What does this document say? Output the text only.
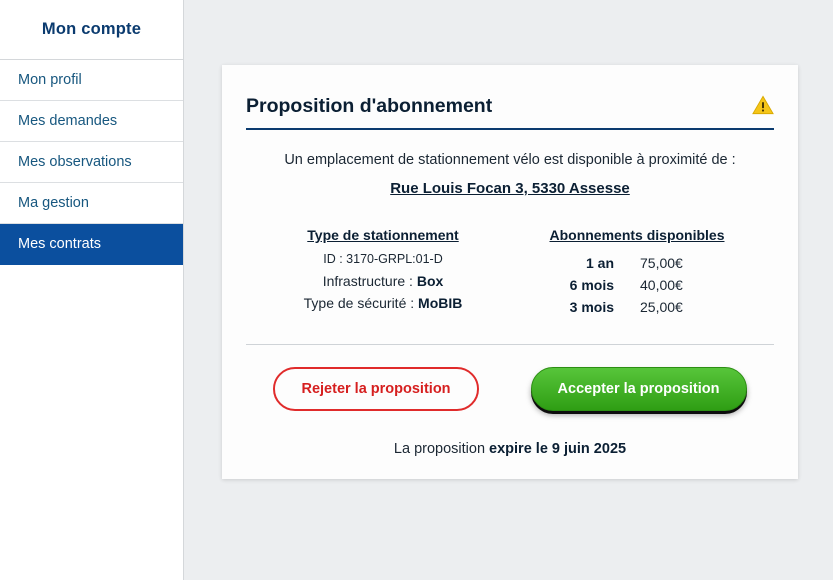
Mon compte
Mon profil
Mes demandes
Mes observations
Ma gestion
Mes contrats
Proposition d'abonnement
Un emplacement de stationnement vélo est disponible à proximité de :
Rue Louis Focan 3, 5330 Assesse
Type de stationnement
ID : 3170-GRPL:01-D
Infrastructure : Box
Type de sécurité : MoBIB
Abonnements disponibles
1 an	75,00€
6 mois	40,00€
3 mois	25,00€
Rejeter la proposition	Accepter la proposition
La proposition expire le 9 juin 2025
